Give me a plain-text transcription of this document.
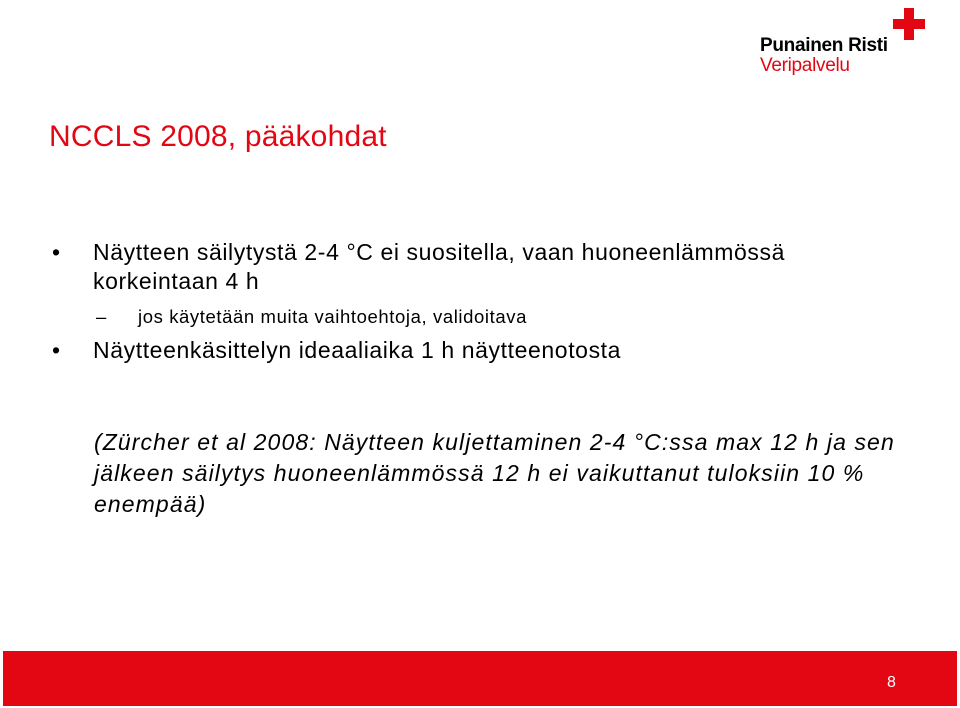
Punainen Risti
Veripalvelu
NCCLS 2008, pääkohdat
• Näytteen säilytystä 2-4 °C ei suositella, vaan huoneenlämmössä korkeintaan 4 h
– jos käytetään muita vaihtoehtoja, validoitava
• Näytteenkäsittelyn ideaaliaika 1 h näytteenotosta
(Zürcher et al 2008: Näytteen kuljettaminen 2-4 °C:ssa max 12 h ja sen jälkeen säilytys huoneenlämmössä 12 h ei vaikuttanut tuloksiin 10 % enempää)
8
